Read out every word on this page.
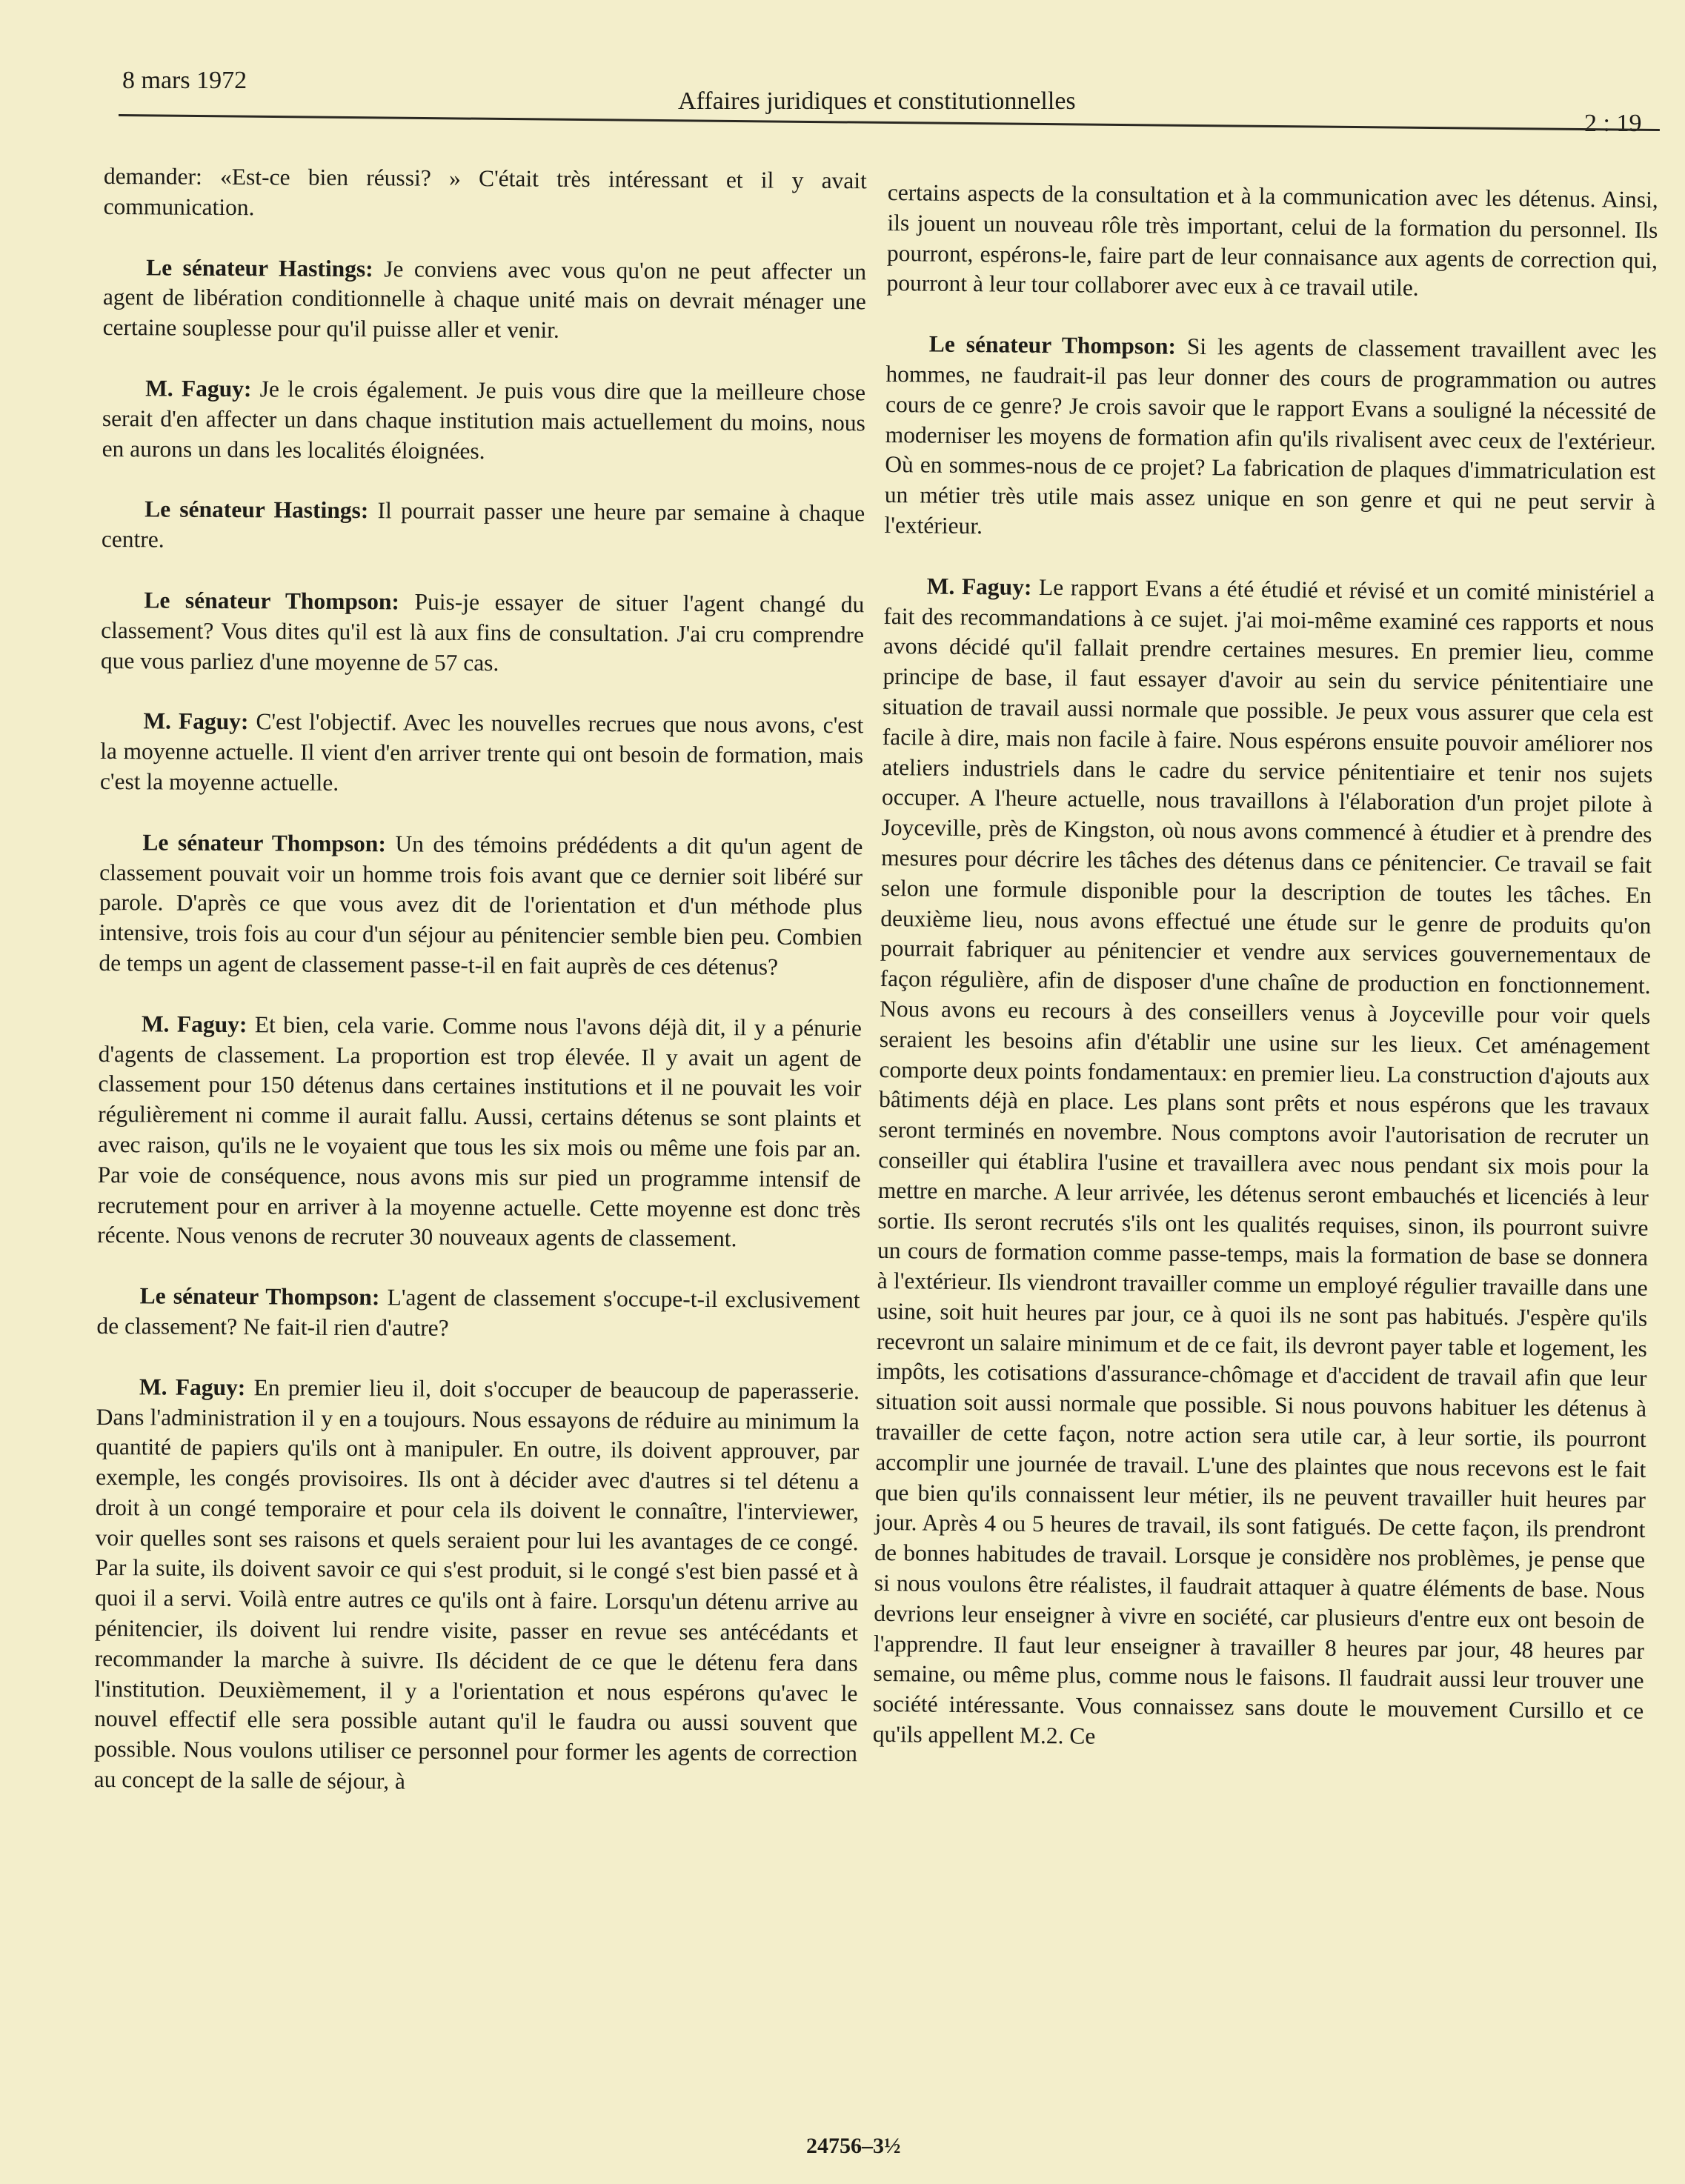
8 mars 1972
Affaires juridiques et constitutionnelles
2 : 19

demander: «Est-ce bien réussi? » C'était très intéressant et il y avait communication.

Le sénateur Hastings: Je conviens avec vous qu'on ne peut affecter un agent de libération conditionnelle à chaque unité mais on devrait ménager une certaine souplesse pour qu'il puisse aller et venir.

M. Faguy: Je le crois également. Je puis vous dire que la meilleure chose serait d'en affecter un dans chaque institution mais actuellement du moins, nous en aurons un dans les localités éloignées.

Le sénateur Hastings: Il pourrait passer une heure par semaine à chaque centre.

Le sénateur Thompson: Puis-je essayer de situer l'agent changé du classement? Vous dites qu'il est là aux fins de consultation. J'ai cru comprendre que vous parliez d'une moyenne de 57 cas.

M. Faguy: C'est l'objectif. Avec les nouvelles recrues que nous avons, c'est la moyenne actuelle. Il vient d'en arriver trente qui ont besoin de formation, mais c'est la moyenne actuelle.

Le sénateur Thompson: Un des témoins prédédents a dit qu'un agent de classement pouvait voir un homme trois fois avant que ce dernier soit libéré sur parole. D'après ce que vous avez dit de l'orientation et d'un méthode plus intensive, trois fois au cour d'un séjour au pénitencier semble bien peu. Combien de temps un agent de classement passe-t-il en fait auprès de ces détenus?

M. Faguy: Et bien, cela varie. Comme nous l'avons déjà dit, il y a pénurie d'agents de classement. La proportion est trop élevée. Il y avait un agent de classement pour 150 détenus dans certaines institutions et il ne pouvait les voir régulièrement ni comme il aurait fallu. Aussi, certains détenus se sont plaints et avec raison, qu'ils ne le voyaient que tous les six mois ou même une fois par an. Par voie de conséquence, nous avons mis sur pied un programme intensif de recrutement pour en arriver à la moyenne actuelle. Cette moyenne est donc très récente. Nous venons de recruter 30 nouveaux agents de classement.

Le sénateur Thompson: L'agent de classement s'occupe-t-il exclusivement de classement? Ne fait-il rien d'autre?

M. Faguy: En premier lieu il, doit s'occuper de beaucoup de paperasserie. Dans l'administration il y en a toujours. Nous essayons de réduire au minimum la quantité de papiers qu'ils ont à manipuler. En outre, ils doivent approuver, par exemple, les congés provisoires. Ils ont à décider avec d'autres si tel détenu a droit à un congé temporaire et pour cela ils doivent le connaître, l'interviewer, voir quelles sont ses raisons et quels seraient pour lui les avantages de ce congé. Par la suite, ils doivent savoir ce qui s'est produit, si le congé s'est bien passé et à quoi il a servi. Voilà entre autres ce qu'ils ont à faire. Lorsqu'un détenu arrive au pénitencier, ils doivent lui rendre visite, passer en revue ses antécédants et recommander la marche à suivre. Ils décident de ce que le détenu fera dans l'institution. Deuxièmement, il y a l'orientation et nous espérons qu'avec le nouvel effectif elle sera possible autant qu'il le faudra ou aussi souvent que possible. Nous voulons utiliser ce personnel pour former les agents de correction au concept de la salle de séjour, à

certains aspects de la consultation et à la communication avec les détenus. Ainsi, ils jouent un nouveau rôle très important, celui de la formation du personnel. Ils pourront, espérons-le, faire part de leur connaisance aux agents de correction qui, pourront à leur tour collaborer avec eux à ce travail utile.

Le sénateur Thompson: Si les agents de classement travaillent avec les hommes, ne faudrait-il pas leur donner des cours de programmation ou autres cours de ce genre? Je crois savoir que le rapport Evans a souligné la nécessité de moderniser les moyens de formation afin qu'ils rivalisent avec ceux de l'extérieur. Où en sommes-nous de ce projet? La fabrication de plaques d'immatriculation est un métier très utile mais assez unique en son genre et qui ne peut servir à l'extérieur.

M. Faguy: Le rapport Evans a été étudié et révisé et un comité ministériel a fait des recommandations à ce sujet. j'ai moi-même examiné ces rapports et nous avons décidé qu'il fallait prendre certaines mesures. En premier lieu, comme principe de base, il faut essayer d'avoir au sein du service pénitentiaire une situation de travail aussi normale que possible. Je peux vous assurer que cela est facile à dire, mais non facile à faire. Nous espérons ensuite pouvoir améliorer nos ateliers industriels dans le cadre du service pénitentiaire et tenir nos sujets occuper. A l'heure actuelle, nous travaillons à l'élaboration d'un projet pilote à Joyceville, près de Kingston, où nous avons commencé à étudier et à prendre des mesures pour décrire les tâches des détenus dans ce pénitencier. Ce travail se fait selon une formule disponible pour la description de toutes les tâches. En deuxième lieu, nous avons effectué une étude sur le genre de produits qu'on pourrait fabriquer au pénitencier et vendre aux services gouvernementaux de façon régulière, afin de disposer d'une chaîne de production en fonctionnement. Nous avons eu recours à des conseillers venus à Joyceville pour voir quels seraient les besoins afin d'établir une usine sur les lieux. Cet aménagement comporte deux points fondamentaux: en premier lieu. La construction d'ajouts aux bâtiments déjà en place. Les plans sont prêts et nous espérons que les travaux seront terminés en novembre. Nous comptons avoir l'autorisation de recruter un conseiller qui établira l'usine et travaillera avec nous pendant six mois pour la mettre en marche. A leur arrivée, les détenus seront embauchés et licenciés à leur sortie. Ils seront recrutés s'ils ont les qualités requises, sinon, ils pourront suivre un cours de formation comme passe-temps, mais la formation de base se donnera à l'extérieur. Ils viendront travailler comme un employé régulier travaille dans une usine, soit huit heures par jour, ce à quoi ils ne sont pas habitués. J'espère qu'ils recevront un salaire minimum et de ce fait, ils devront payer table et logement, les impôts, les cotisations d'assurance-chômage et d'accident de travail afin que leur situation soit aussi normale que possible. Si nous pouvons habituer les détenus à travailler de cette façon, notre action sera utile car, à leur sortie, ils pourront accomplir une journée de travail. L'une des plaintes que nous recevons est le fait que bien qu'ils connaissent leur métier, ils ne peuvent travailler huit heures par jour. Après 4 ou 5 heures de travail, ils sont fatigués. De cette façon, ils prendront de bonnes habitudes de travail. Lorsque je considère nos problèmes, je pense que si nous voulons être réalistes, il faudrait attaquer à quatre éléments de base. Nous devrions leur enseigner à vivre en société, car plusieurs d'entre eux ont besoin de l'apprendre. Il faut leur enseigner à travailler 8 heures par jour, 48 heures par semaine, ou même plus, comme nous le faisons. Il faudrait aussi leur trouver une société intéressante. Vous connaissez sans doute le mouvement Cursillo et ce qu'ils appellent M.2. Ce

24756–3½
